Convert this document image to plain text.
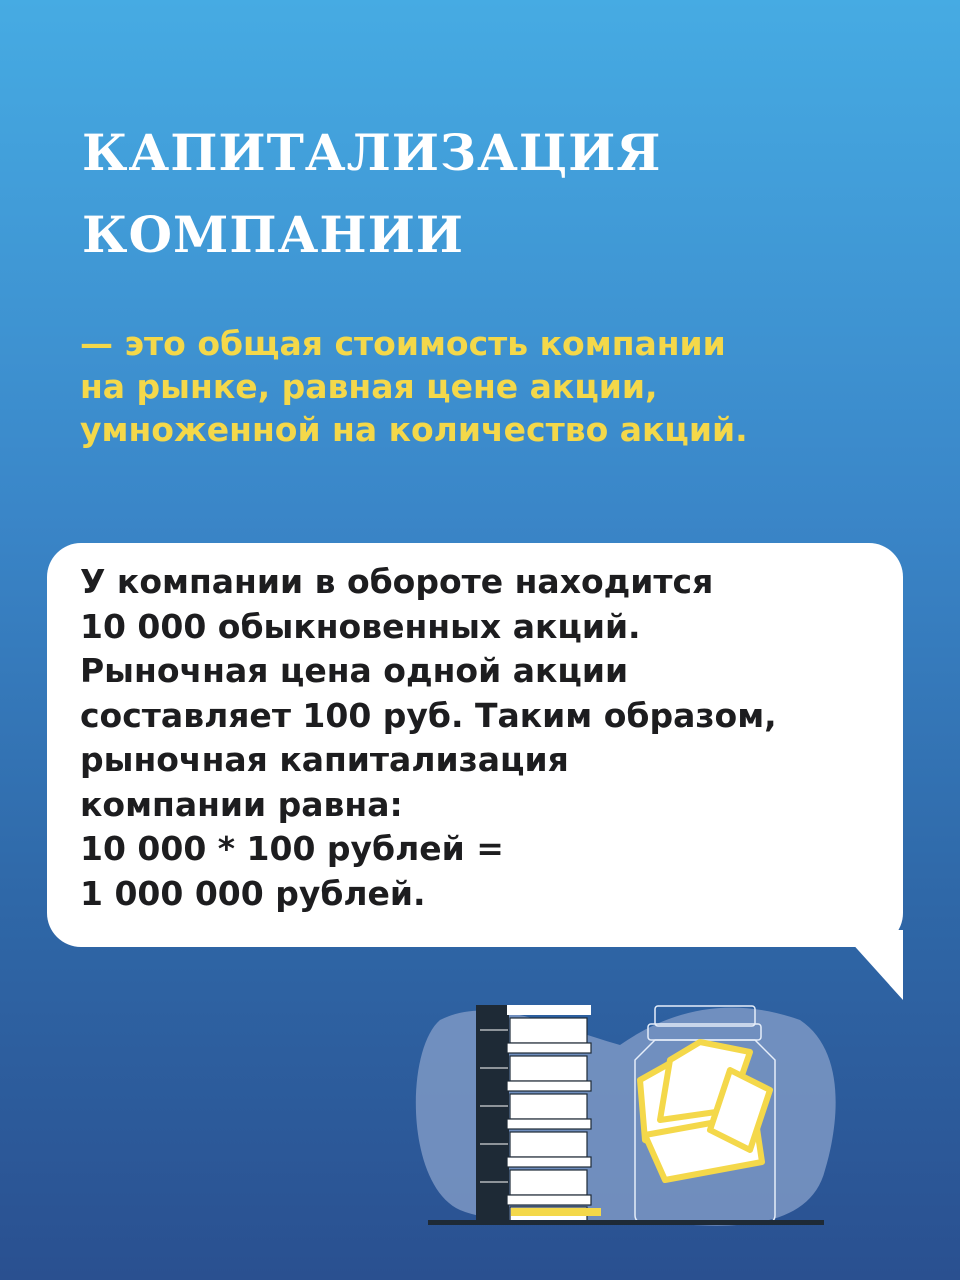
КАПИТАЛИЗАЦИЯ
КОМПАНИИ
— это общая стоимость компании
на рынке, равная цене акции,
умноженной на количество акций.
У компании в обороте находится
10 000 обыкновенных акций.
Рыночная цена одной акции
составляет 100 руб. Таким образом,
рыночная капитализация
компании равна:
10 000 * 100 рублей =
1 000 000 рублей.
